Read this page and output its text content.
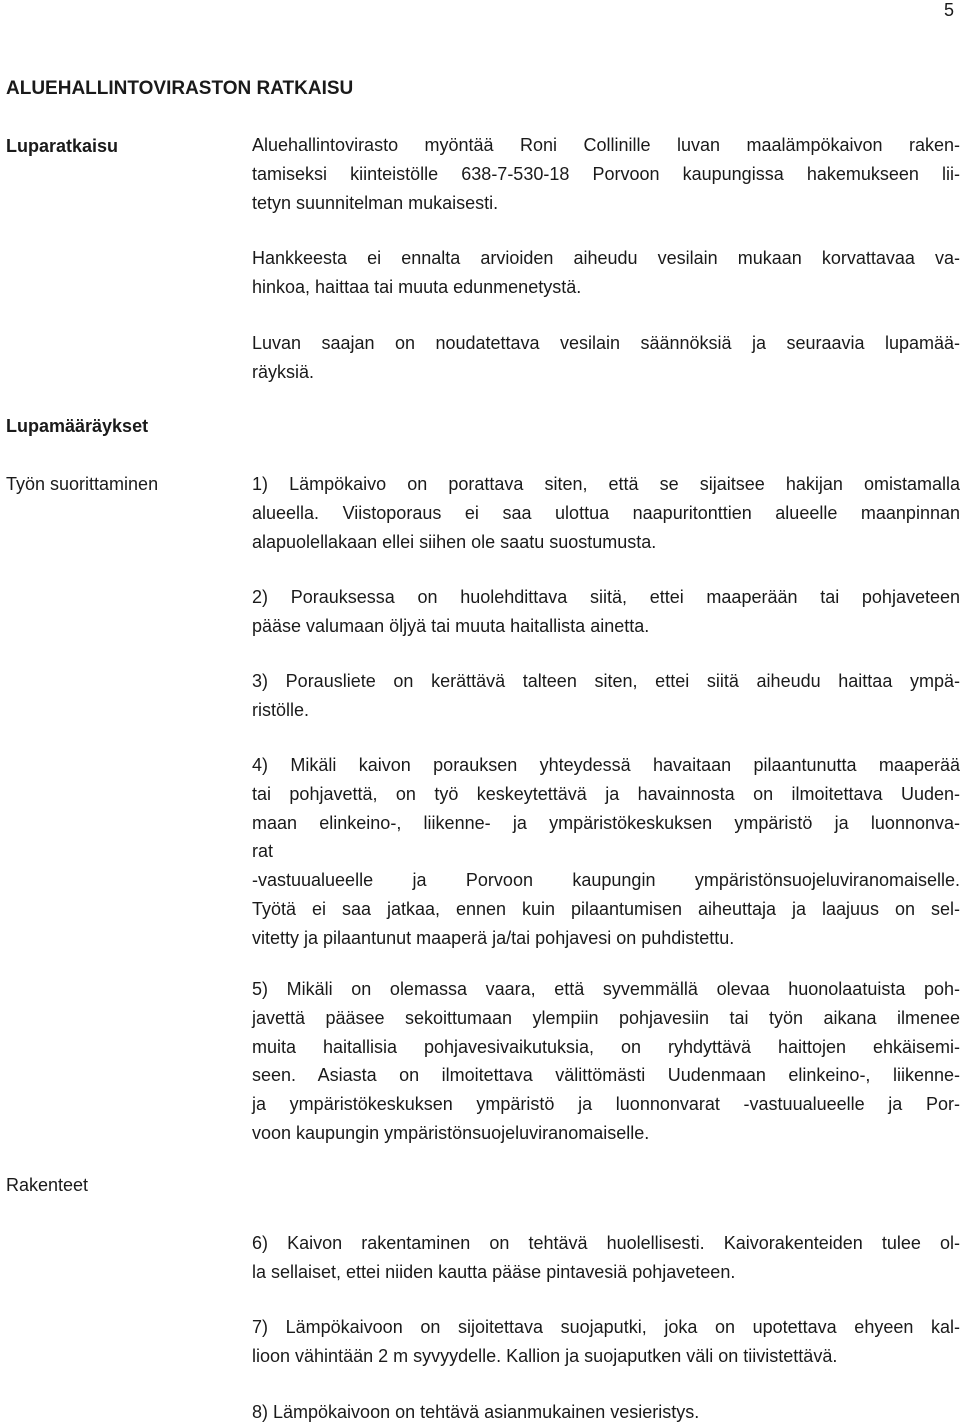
5
ALUEHALLINTOVIRASTON RATKAISU
Luparatkaisu
Lupamääräykset
Työn suorittaminen
Rakenteet
Aluehallintovirasto myöntää Roni Collinille luvan maalämpökaivon raken-
tamiseksi kiinteistölle 638-7-530-18 Porvoon kaupungissa hakemukseen lii-
tetyn suunnitelman mukaisesti.
Hankkeesta ei ennalta arvioiden aiheudu vesilain mukaan korvattavaa va-
hinkoa, haittaa tai muuta edunmenetystä.
Luvan saajan on noudatettava vesilain säännöksiä ja seuraavia lupamää-
räyksiä.
1) Lämpökaivo on porattava siten, että se sijaitsee hakijan omistamalla
alueella. Viistoporaus ei saa ulottua naapuritonttien alueelle maanpinnan
alapuolellakaan ellei siihen ole saatu suostumusta.
2) Porauksessa on huolehdittava siitä, ettei maaperään tai pohjaveteen
pääse valumaan öljyä tai muuta haitallista ainetta.
3) Porausliete on kerättävä talteen siten, ettei siitä aiheudu haittaa ympä-
ristölle.
4) Mikäli kaivon porauksen yhteydessä havaitaan pilaantunutta maaperää
tai pohjavettä, on työ keskeytettävä ja havainnosta on ilmoitettava Uuden-
maan elinkeino-, liikenne- ja ympäristökeskuksen ympäristö ja luonnonva-
rat
-vastuualueelle ja Porvoon kaupungin ympäristönsuojeluviranomaiselle.
Työtä ei saa jatkaa, ennen kuin pilaantumisen aiheuttaja ja laajuus on sel-
vitetty ja pilaantunut maaperä ja/tai pohjavesi on puhdistettu.
5) Mikäli on olemassa vaara, että syvemmällä olevaa huonolaatuista poh-
javettä pääsee sekoittumaan ylempiin pohjavesiin tai työn aikana ilmenee
muita haitallisia pohjavesivaikutuksia, on ryhdyttävä haittojen ehkäisemi-
seen. Asiasta on ilmoitettava välittömästi Uudenmaan elinkeino-, liikenne-
ja ympäristökeskuksen ympäristö ja luonnonvarat -vastuualueelle ja Por-
voon kaupungin ympäristönsuojeluviranomaiselle.
6) Kaivon rakentaminen on tehtävä huolellisesti. Kaivorakenteiden tulee ol-
la sellaiset, ettei niiden kautta pääse pintavesiä pohjaveteen.
7) Lämpökaivoon on sijoitettava suojaputki, joka on upotettava ehyeen kal-
lioon vähintään 2 m syvyydelle. Kallion ja suojaputken väli on tiivistettävä.
8) Lämpökaivoon on tehtävä asianmukainen vesieristys.
